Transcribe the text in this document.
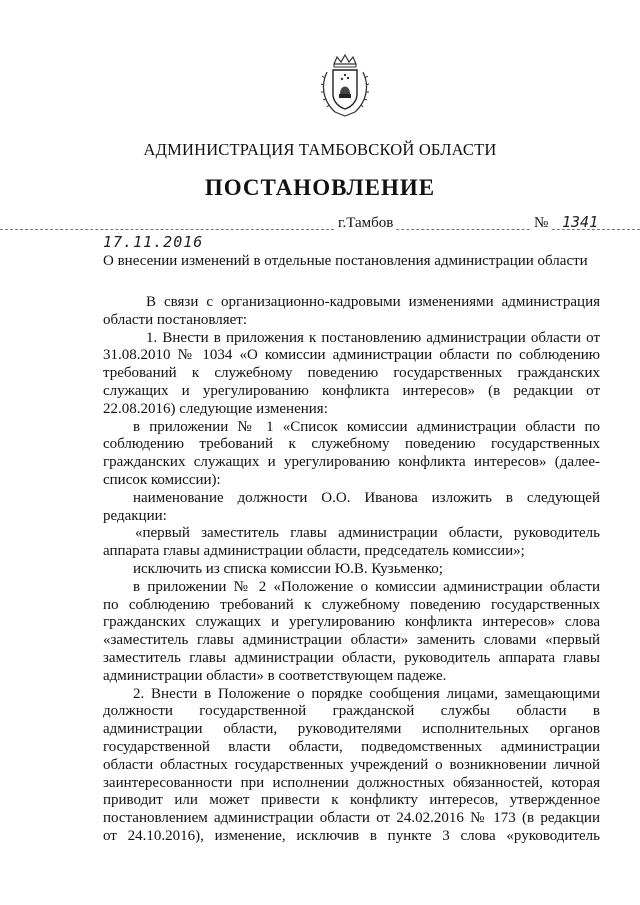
АДМИНИСТРАЦИЯ ТАМБОВСКОЙ ОБЛАСТИ
ПОСТАНОВЛЕНИЕ
г.Тамбов	№ 1341
17.11.2016
О внесении изменений в отдельные постановления администрации области
В связи с организационно-кадровыми изменениями администрация
области постановляет:
1. Внести в приложения к постановлению администрации области от
31.08.2010 № 1034 «О комиссии администрации области по соблюдению
требований к служебному поведению государственных гражданских
служащих и урегулированию конфликта интересов» (в редакции от
22.08.2016) следующие изменения:
в приложении № 1 «Список комиссии администрации области по
соблюдению требований к служебному поведению государственных
гражданских служащих и урегулированию конфликта интересов» (далее-
список комиссии):
наименование должности О.О. Иванова изложить в следующей
редакции:
«первый заместитель главы администрации области, руководитель
аппарата главы администрации области, председатель комиссии»;
исключить из списка комиссии Ю.В. Кузьменко;
в приложении № 2 «Положение о комиссии администрации области
по соблюдению требований к служебному поведению государственных
гражданских служащих и урегулированию конфликта интересов» слова
«заместитель главы администрации области» заменить словами «первый
заместитель главы администрации области, руководитель аппарата главы
администрации области» в соответствующем падеже.
2. Внести в Положение о порядке сообщения лицами, замещающими
должности государственной гражданской службы области в
администрации области, руководителями исполнительных органов
государственной власти области, подведомственных администрации
области областных государственных учреждений о возникновении личной
заинтересованности при исполнении должностных обязанностей, которая
приводит или может привести к конфликту интересов, утвержденное
постановлением администрации области от 24.02.2016 № 173 (в редакции
от 24.10.2016), изменение, исключив в пункте 3 слова «руководитель
